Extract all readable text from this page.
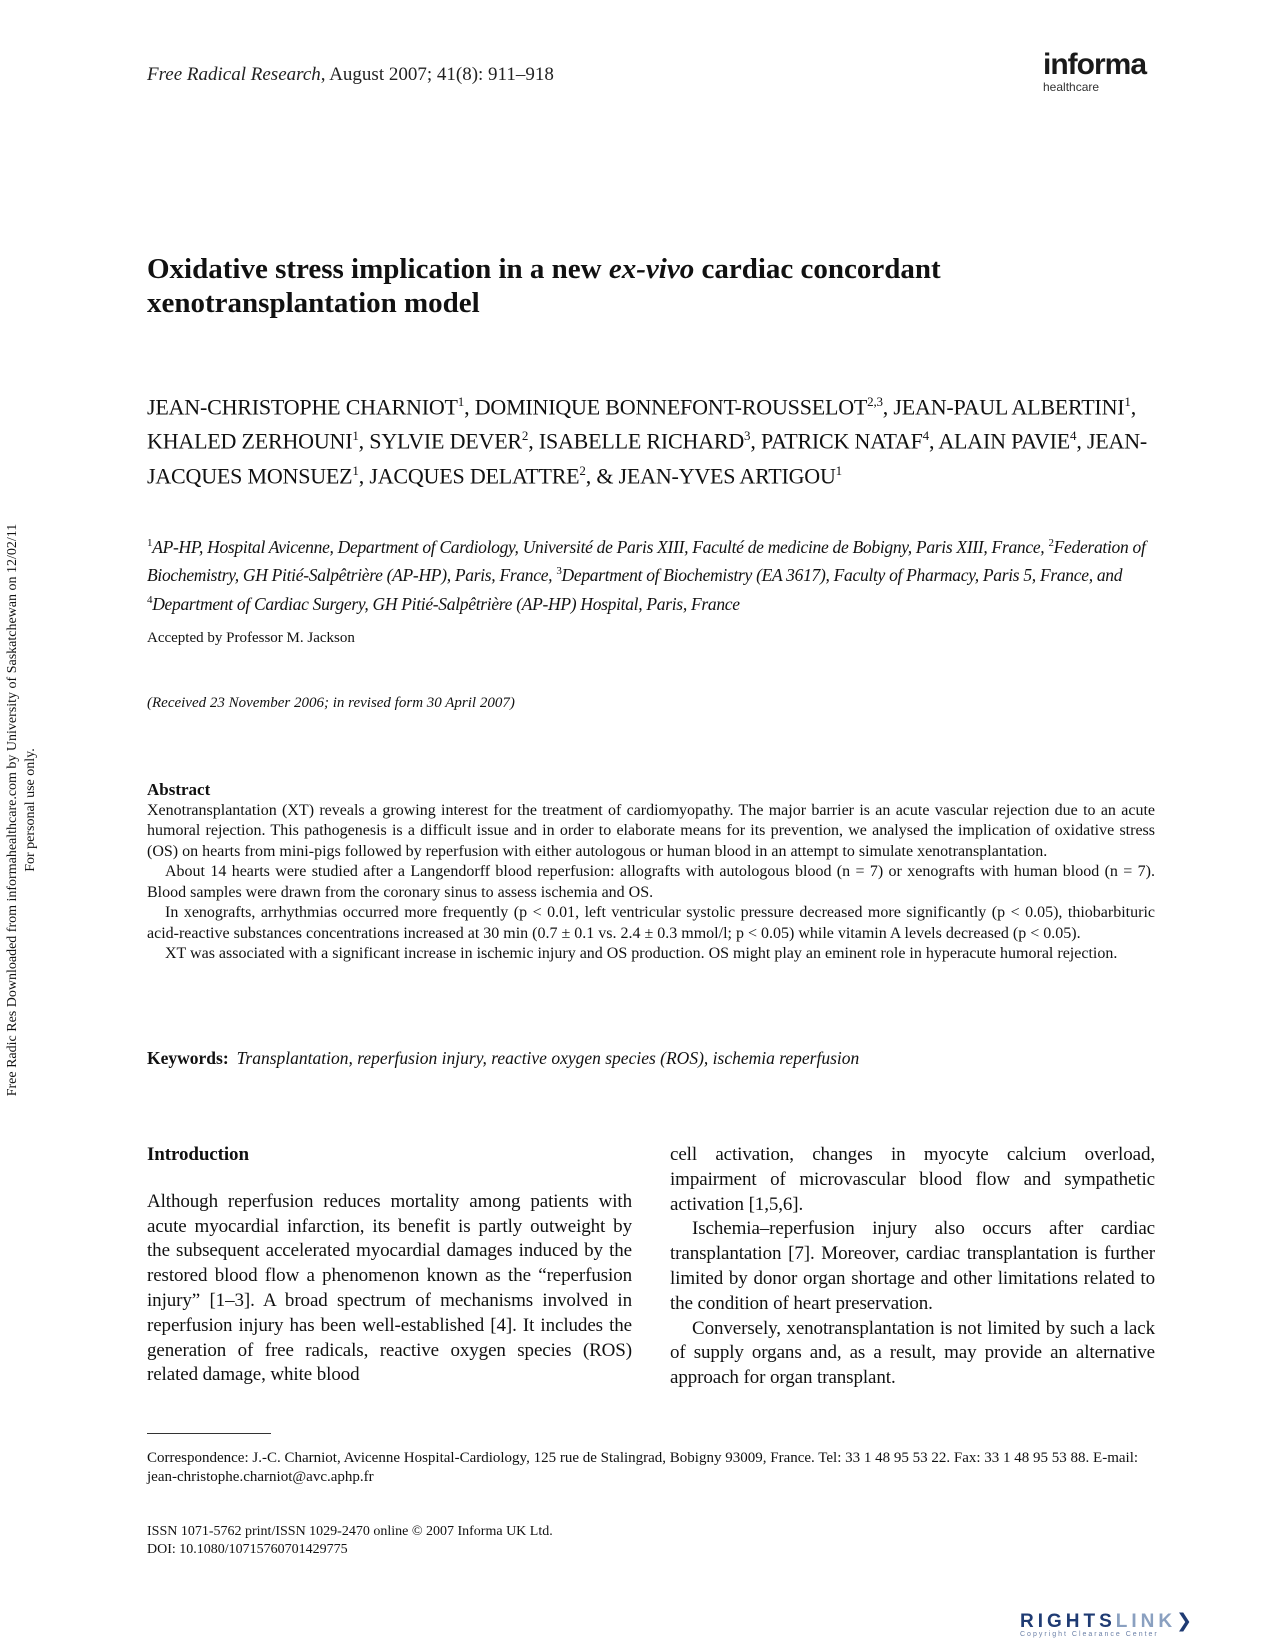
Free Radical Research, August 2007; 41(8): 911–918	informa
healthcare
Oxidative stress implication in a new ex-vivo cardiac concordant xenotransplantation model
JEAN-CHRISTOPHE CHARNIOT$^1$, DOMINIQUE BONNEFONT-ROUSSELOT$^{2,3}$, JEAN-PAUL ALBERTINI$^1$, KHALED ZERHOUNI$^1$, SYLVIE DEVER$^2$, ISABELLE RICHARD$^3$, PATRICK NATAF$^4$, ALAIN PAVIE$^4$, JEAN-JACQUES MONSUEZ$^1$, JACQUES DELATTRE$^2$, & JEAN-YVES ARTIGOU$^1$
$^1$AP-HP, Hospital Avicenne, Department of Cardiology, Université de Paris XIII, Faculté de medicine de Bobigny, Paris XIII, France, $^2$Federation of Biochemistry, GH Pitié-Salpêtrière (AP-HP), Paris, France, $^3$Department of Biochemistry (EA 3617), Faculty of Pharmacy, Paris 5, France, and $^4$Department of Cardiac Surgery, GH Pitié-Salpêtrière (AP-HP) Hospital, Paris, France
Accepted by Professor M. Jackson
(Received 23 November 2006; in revised form 30 April 2007)
Abstract

Xenotransplantation (XT) reveals a growing interest for the treatment of cardiomyopathy. The major barrier is an acute vascular rejection due to an acute humoral rejection. This pathogenesis is a difficult issue and in order to elaborate means for its prevention, we analysed the implication of oxidative stress (OS) on hearts from mini-pigs followed by reperfusion with either autologous or human blood in an attempt to simulate xenotransplantation.

About 14 hearts were studied after a Langendorff blood reperfusion: allografts with autologous blood (n = 7) or xenografts with human blood (n = 7). Blood samples were drawn from the coronary sinus to assess ischemia and OS.

In xenografts, arrhythmias occurred more frequently (p < 0.01, left ventricular systolic pressure decreased more significantly (p < 0.05), thiobarbituric acid-reactive substances concentrations increased at 30 min (0.7 ± 0.1 vs. 2.4 ± 0.3 mmol/l; p < 0.05) while vitamin A levels decreased (p < 0.05).

XT was associated with a significant increase in ischemic injury and OS production. OS might play an eminent role in hyperacute humoral rejection.

Keywords: Transplantation, reperfusion injury, reactive oxygen species (ROS), ischemia reperfusion
Introduction

Although reperfusion reduces mortality among patients with acute myocardial infarction, its benefit is partly outweight by the subsequent accelerated myocardial damages induced by the restored blood flow a phenomenon known as the “reperfusion injury” [1–3]. A broad spectrum of mechanisms involved in reperfusion injury has been well-established [4]. It includes the generation of free radicals, reactive oxygen species (ROS) related damage, white blood

cell activation, changes in myocyte calcium overload, impairment of microvascular blood flow and sympathetic activation [1,5,6].

Ischemia–reperfusion injury also occurs after cardiac transplantation [7]. Moreover, cardiac transplantation is further limited by donor organ shortage and other limitations related to the condition of heart preservation.

Conversely, xenotransplantation is not limited by such a lack of supply organs and, as a result, may provide an alternative approach for organ transplant.

Correspondence: J.-C. Charniot, Avicenne Hospital-Cardiology, 125 rue de Stalingrad, Bobigny 93009, France. Tel: 33 1 48 95 53 22. Fax: 33 1 48 95 53 88. E-mail: jean-christophe.charniot@avc.aphp.fr
ISSN 1071-5762 print/ISSN 1029-2470 online © 2007 Informa UK Ltd.
DOI: 10.1080/10715760701429775
Free Radic Res Downloaded from informahealthcare.com by University of Saskatchewan on 12/02/11 For personal use only.
RIGHTSLINK❯
Copyright Clearance Center
